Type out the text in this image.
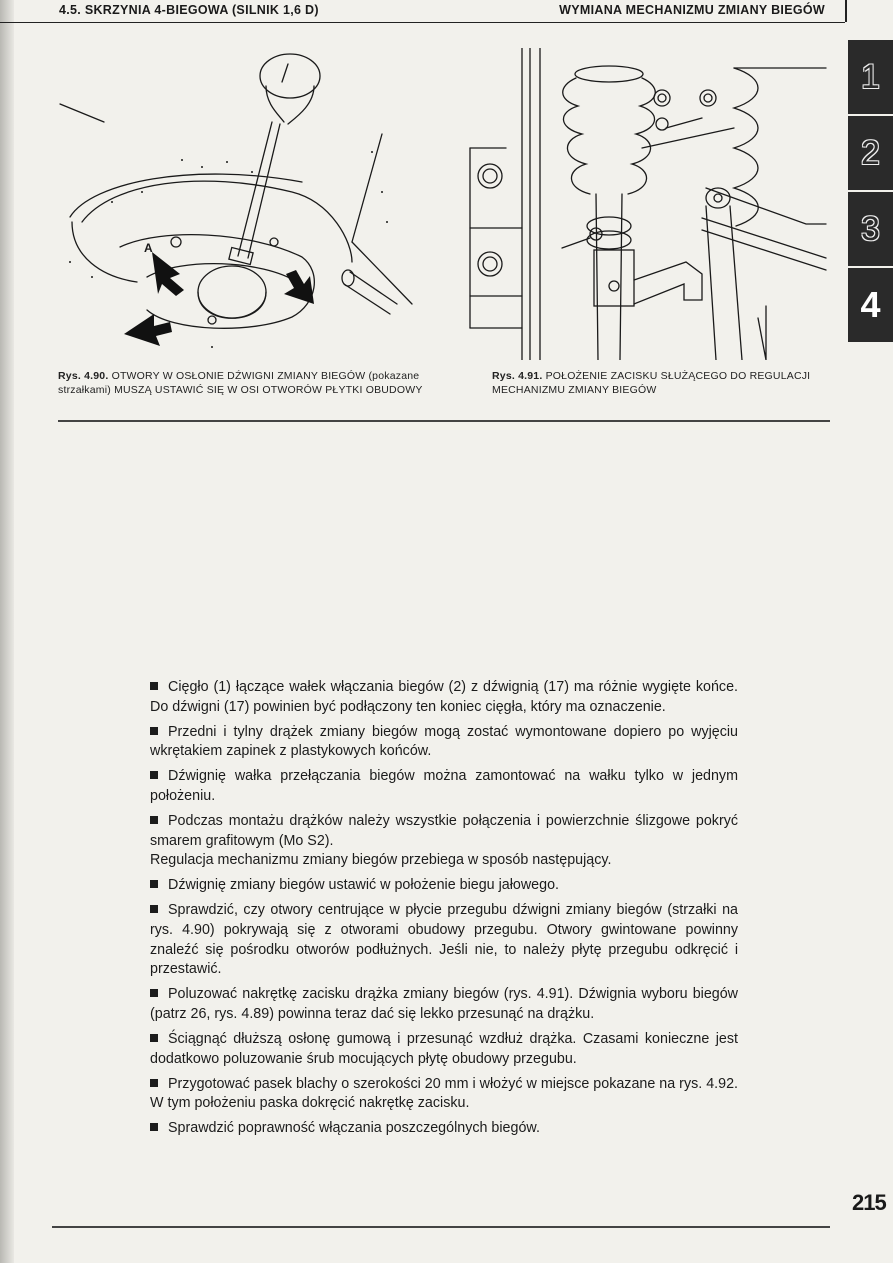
4.5. SKRZYNIA 4-BIEGOWA (SILNIK 1,6 D)	WYMIANA MECHANIZMU ZMIANY BIEGÓW
A
Rys. 4.90. OTWORY W OSŁONIE DŹWIGNI ZMIANY BIEGÓW (pokazane strzałkami) MUSZĄ USTAWIĆ SIĘ W OSI OTWORÓW PŁYTKI OBUDOWY
Rys. 4.91. POŁOŻENIE ZACISKU SŁUŻĄCEGO DO REGULACJI MECHANIZMU ZMIANY BIEGÓW
1
2
3
4

Cięgło (1) łączące wałek włączania biegów (2) z dźwignią (17) ma różnie wygięte końce. Do dźwigni (17) powinien być podłączony ten koniec cięgła, który ma oznaczenie.

Przedni i tylny drążek zmiany biegów mogą zostać wymontowane dopiero po wyjęciu wkrętakiem zapinek z plastykowych końców.

Dźwignię wałka przełączania biegów można zamontować na wałku tylko w jednym położeniu.

Podczas montażu drążków należy wszystkie połączenia i powierzchnie ślizgowe pokryć smarem grafitowym (Mo S2).

Regulacja mechanizmu zmiany biegów przebiega w sposób następujący.

Dźwignię zmiany biegów ustawić w położenie biegu jałowego.

Sprawdzić, czy otwory centrujące w płycie przegubu dźwigni zmiany biegów (strzałki na rys. 4.90) pokrywają się z otworami obudowy przegubu. Otwory gwintowane powinny znaleźć się pośrodku otworów podłużnych. Jeśli nie, to należy płytę przegubu odkręcić i przestawić.

Poluzować nakrętkę zacisku drążka zmiany biegów (rys. 4.91). Dźwignia wyboru biegów (patrz 26, rys. 4.89) powinna teraz dać się lekko przesunąć na drążku.

Ściągnąć dłuższą osłonę gumową i przesunąć wzdłuż drążka. Czasami konieczne jest dodatkowo poluzowanie śrub mocujących płytę obudowy przegubu.

Przygotować pasek blachy o szerokości 20 mm i włożyć w miejsce pokazane na rys. 4.92. W tym położeniu paska dokręcić nakrętkę zacisku.

Sprawdzić poprawność włączania poszczególnych biegów.

215
